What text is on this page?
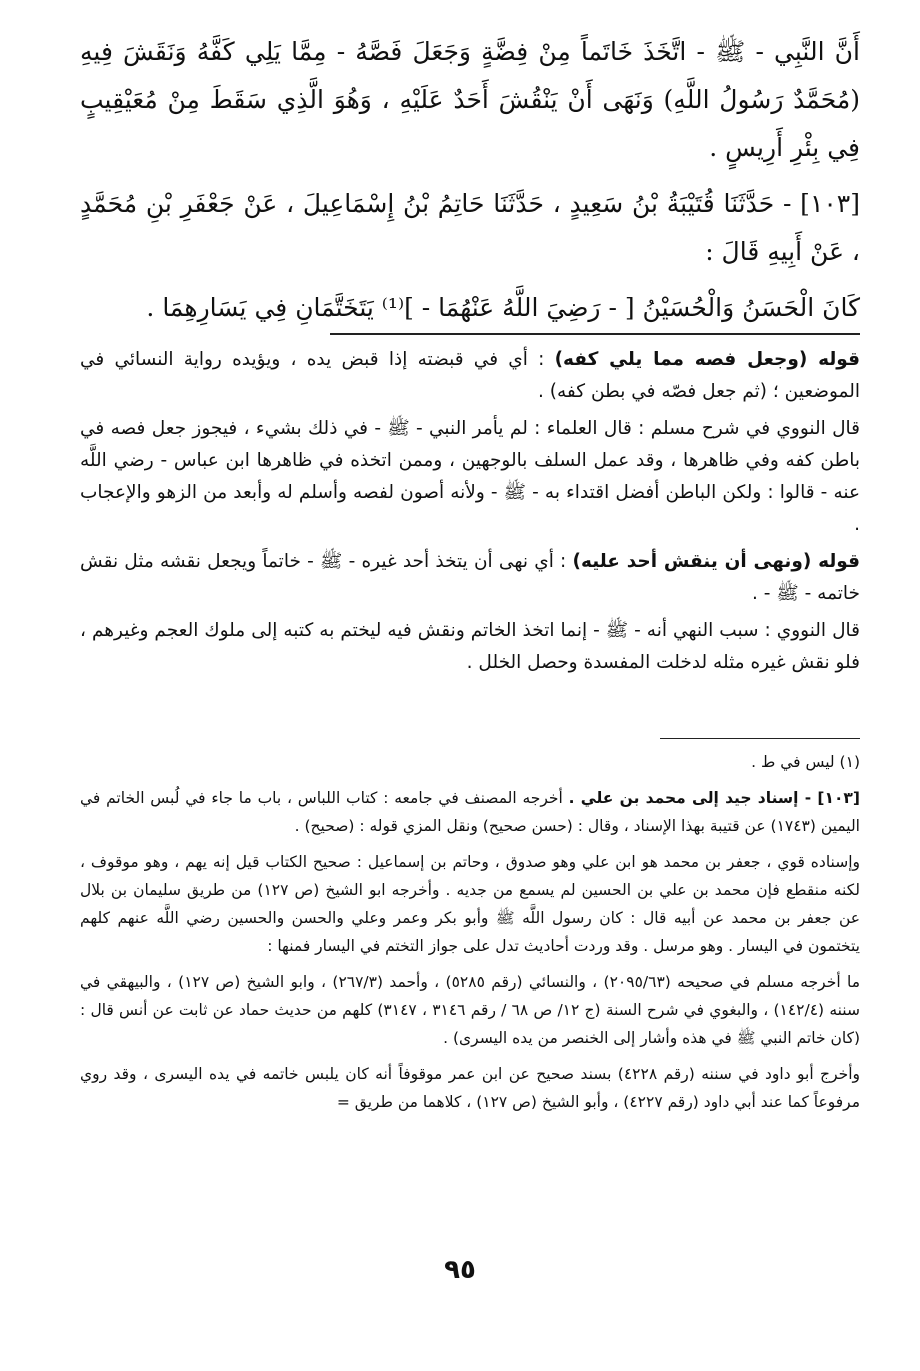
أَنَّ النَّبِي - ﷺ - اتَّخَذَ خَاتَماً مِنْ فِضَّةٍ وَجَعَلَ فَصَّهُ - مِمَّا يَلِي كَفَّهُ وَنَقَشَ فِيهِ (مُحَمَّدٌ رَسُولُ اللَّهِ) وَنَهَى أَنْ يَنْقُشَ أَحَدٌ عَلَيْهِ ، وَهُوَ الَّذِي سَقَطَ مِنْ مُعَيْقِيبٍ فِي بِئْرِ أَرِيسٍ .

[١٠٣] - حَدَّثَنَا قُتَيْبَةُ بْنُ سَعِيدٍ ، حَدَّثَنَا حَاتِمُ بْنُ إِسْمَاعِيلَ ، عَنْ جَعْفَرِ بْنِ مُحَمَّدٍ ، عَنْ أَبِيهِ قَالَ :

كَانَ الْحَسَنُ وَالْحُسَيْنُ [ - رَضِيَ اللَّهُ عَنْهُمَا - ]⁽¹⁾ يَتَخَتَّمَانِ فِي يَسَارِهِمَا .

قوله (وجعل فصه مما يلي كفه) : أي في قبضته إذا قبض يده ، ويؤيده رواية النسائي في الموضعين ؛ (ثم جعل فصّه في بطن كفه) .

قال النووي في شرح مسلم : قال العلماء : لم يأمر النبي - ﷺ - في ذلك بشيء ، فيجوز جعل فصه في باطن كفه وفي ظاهرها ، وقد عمل السلف بالوجهين ، وممن اتخذه في ظاهرها ابن عباس - رضي اللَّه عنه - قالوا : ولكن الباطن أفضل اقتداء به - ﷺ - ولأنه أصون لفصه وأسلم له وأبعد من الزهو والإعجاب .

قوله (ونهى أن ينقش أحد عليه) : أي نهى أن يتخذ أحد غيره - ﷺ - خاتماً ويجعل نقشه مثل نقش خاتمه - ﷺ - .

قال النووي : سبب النهي أنه - ﷺ - إنما اتخذ الخاتم ونقش فيه ليختم به كتبه إلى ملوك العجم وغيرهم ، فلو نقش غيره مثله لدخلت المفسدة وحصل الخلل .

(١) ليس في ط .

[١٠٣] - إسناد جيد إلى محمد بن علي . أخرجه المصنف في جامعه : كتاب اللباس ، باب ما جاء في لُبس الخاتم في اليمين (١٧٤٣) عن قتيبة بهذا الإسناد ، وقال : (حسن صحيح) ونقل المزي قوله : (صحيح) .

وإسناده قوي ، جعفر بن محمد هو ابن علي وهو صدوق ، وحاتم بن إسماعيل : صحيح الكتاب قيل إنه يهم ، وهو موقوف ، لكنه منقطع فإن محمد بن علي بن الحسين لم يسمع من جديه . وأخرجه ابو الشيخ (ص ١٢٧) من طريق سليمان بن بلال عن جعفر بن محمد عن أبيه قال : كان رسول اللَّه ﷺ وأبو بكر وعمر وعلي والحسن والحسين رضي اللَّه عنهم كلهم يتختمون في اليسار . وهو مرسل . وقد وردت أحاديث تدل على جواز التختم في اليسار فمنها :

ما أخرجه مسلم في صحيحه (٢٠٩٥/٦٣) ، والنسائي (رقم ٥٢٨٥) ، وأحمد (٢٦٧/٣) ، وابو الشيخ (ص ١٢٧) ، والبيهقي في سننه (١٤٢/٤) ، والبغوي في شرح السنة (ج ١٢/ ص ٦٨ / رقم ٣١٤٦ ، ٣١٤٧) كلهم من حديث حماد عن ثابت عن أنس قال : (كان خاتم النبي ﷺ في هذه وأشار إلى الخنصر من يده اليسرى) .

وأخرج أبو داود في سننه (رقم ٤٢٢٨) بسند صحيح عن ابن عمر موقوفاً أنه كان يلبس خاتمه في يده اليسرى ، وقد روي مرفوعاً كما عند أبي داود (رقم ٤٢٢٧) ، وأبو الشيخ (ص ١٢٧) ، كلاهما من طريق =

٩٥
